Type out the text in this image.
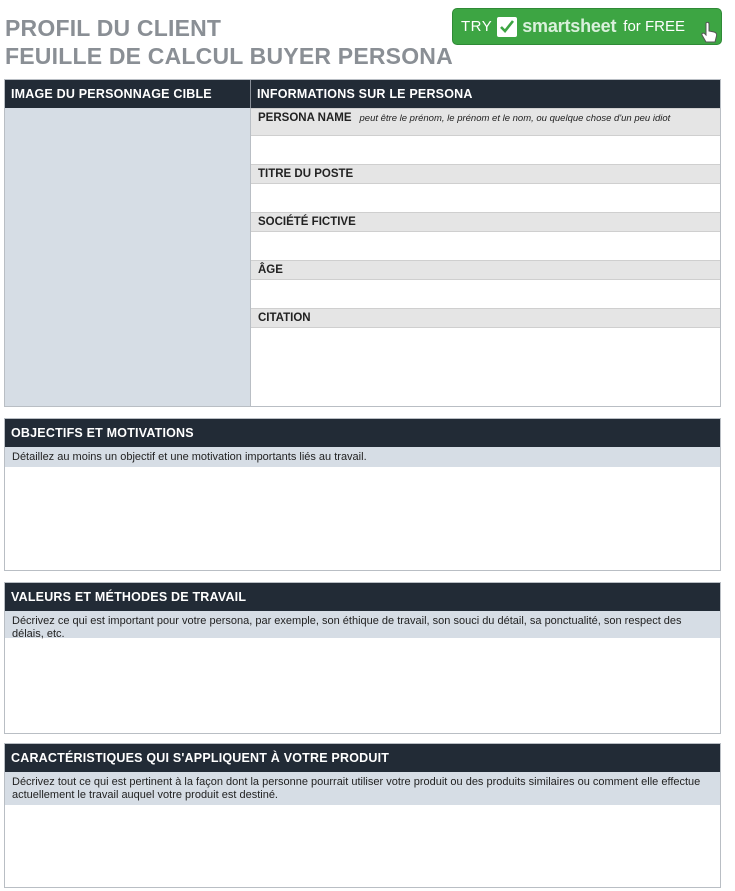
PROFIL DU CLIENT
FEUILLE DE CALCUL BUYER PERSONA
TRY smartsheet for FREE
IMAGE DU PERSONNAGE CIBLE	INFORMATIONS SUR LE PERSONA
PERSONA NAME peut être le prénom, le prénom et le nom, ou quelque chose d'un peu idiot
TITRE DU POSTE
SOCIÉTÉ FICTIVE
ÂGE
CITATION
OBJECTIFS ET MOTIVATIONS
Détaillez au moins un objectif et une motivation importants liés au travail.
VALEURS ET MÉTHODES DE TRAVAIL
Décrivez ce qui est important pour votre persona, par exemple, son éthique de travail, son souci du détail, sa ponctualité, son respect des délais, etc.
CARACTÉRISTIQUES QUI S'APPLIQUENT À VOTRE PRODUIT
Décrivez tout ce qui est pertinent à la façon dont la personne pourrait utiliser votre produit ou des produits similaires ou comment elle effectue actuellement le travail auquel votre produit est destiné.
